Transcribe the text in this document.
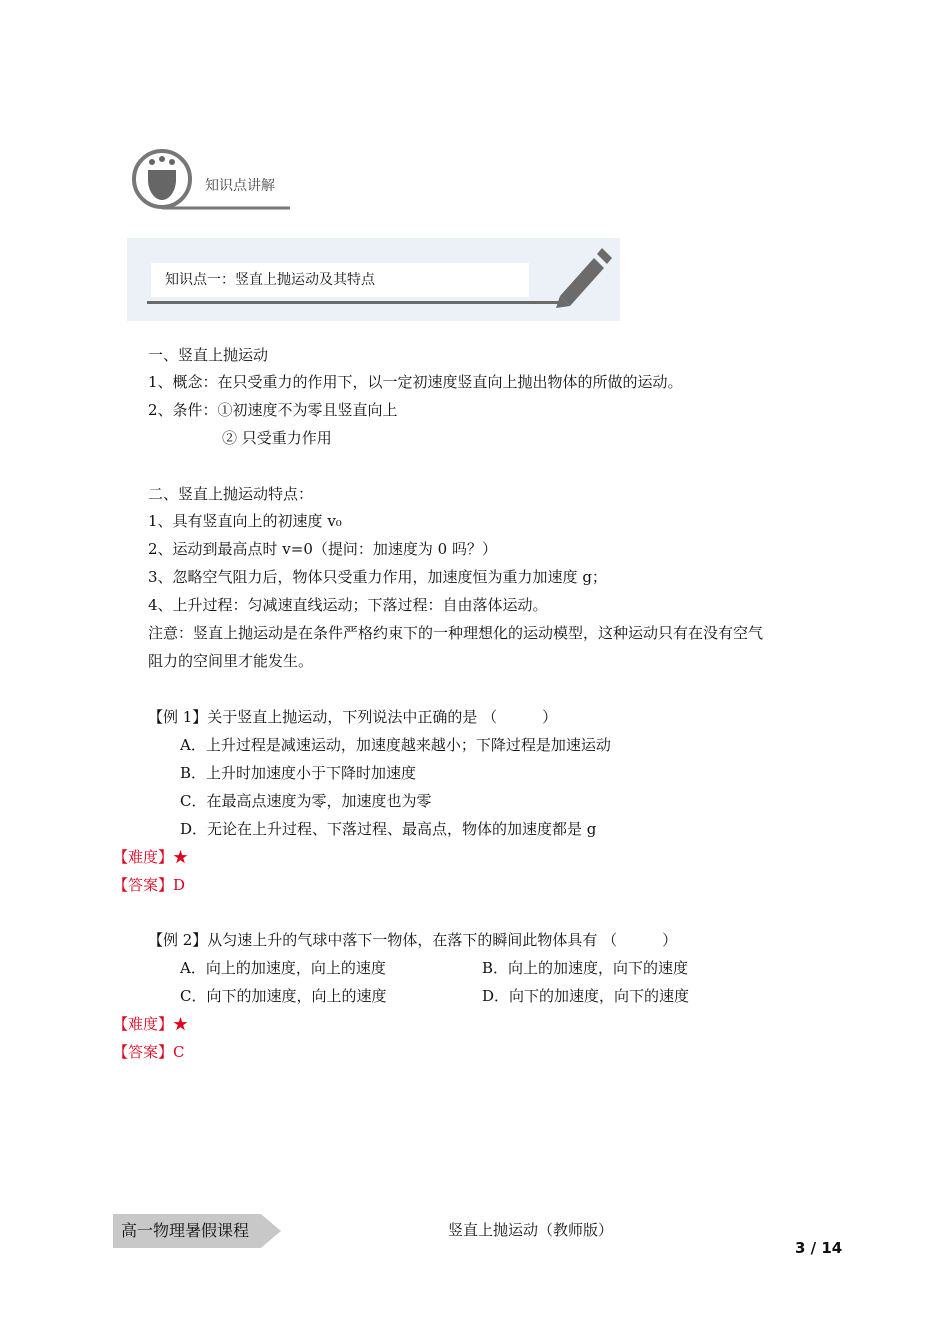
知识点讲解
知识点一：竖直上抛运动及其特点
一、竖直上抛运动
1、概念：在只受重力的作用下，以一定初速度竖直向上抛出物体的所做的运动。
2、条件：①初速度不为零且竖直向上
② 只受重力作用
二、竖直上抛运动特点：
1、具有竖直向上的初速度 v₀
2、运动到最高点时 v=0（提问：加速度为 0 吗？）
3、忽略空气阻力后，物体只受重力作用，加速度恒为重力加速度 g；
4、上升过程：匀减速直线运动；下落过程：自由落体运动。
注意：竖直上抛运动是在条件严格约束下的一种理想化的运动模型，这种运动只有在没有空气
阻力的空间里才能发生。
【例 1】关于竖直上抛运动，下列说法中正确的是 （　　　）
A．上升过程是减速运动，加速度越来越小；下降过程是加速运动
B．上升时加速度小于下降时加速度
C．在最高点速度为零，加速度也为零
D．无论在上升过程、下落过程、最高点，物体的加速度都是 g
【难度】★
【答案】D
【例 2】从匀速上升的气球中落下一物体，在落下的瞬间此物体具有 （　　　）
A．向上的加速度，向上的速度	B．向上的加速度，向下的速度
C．向下的加速度，向上的速度	D．向下的加速度，向下的速度
【难度】★
【答案】C
高一物理暑假课程	竖直上抛运动（教师版）
3 / 14
